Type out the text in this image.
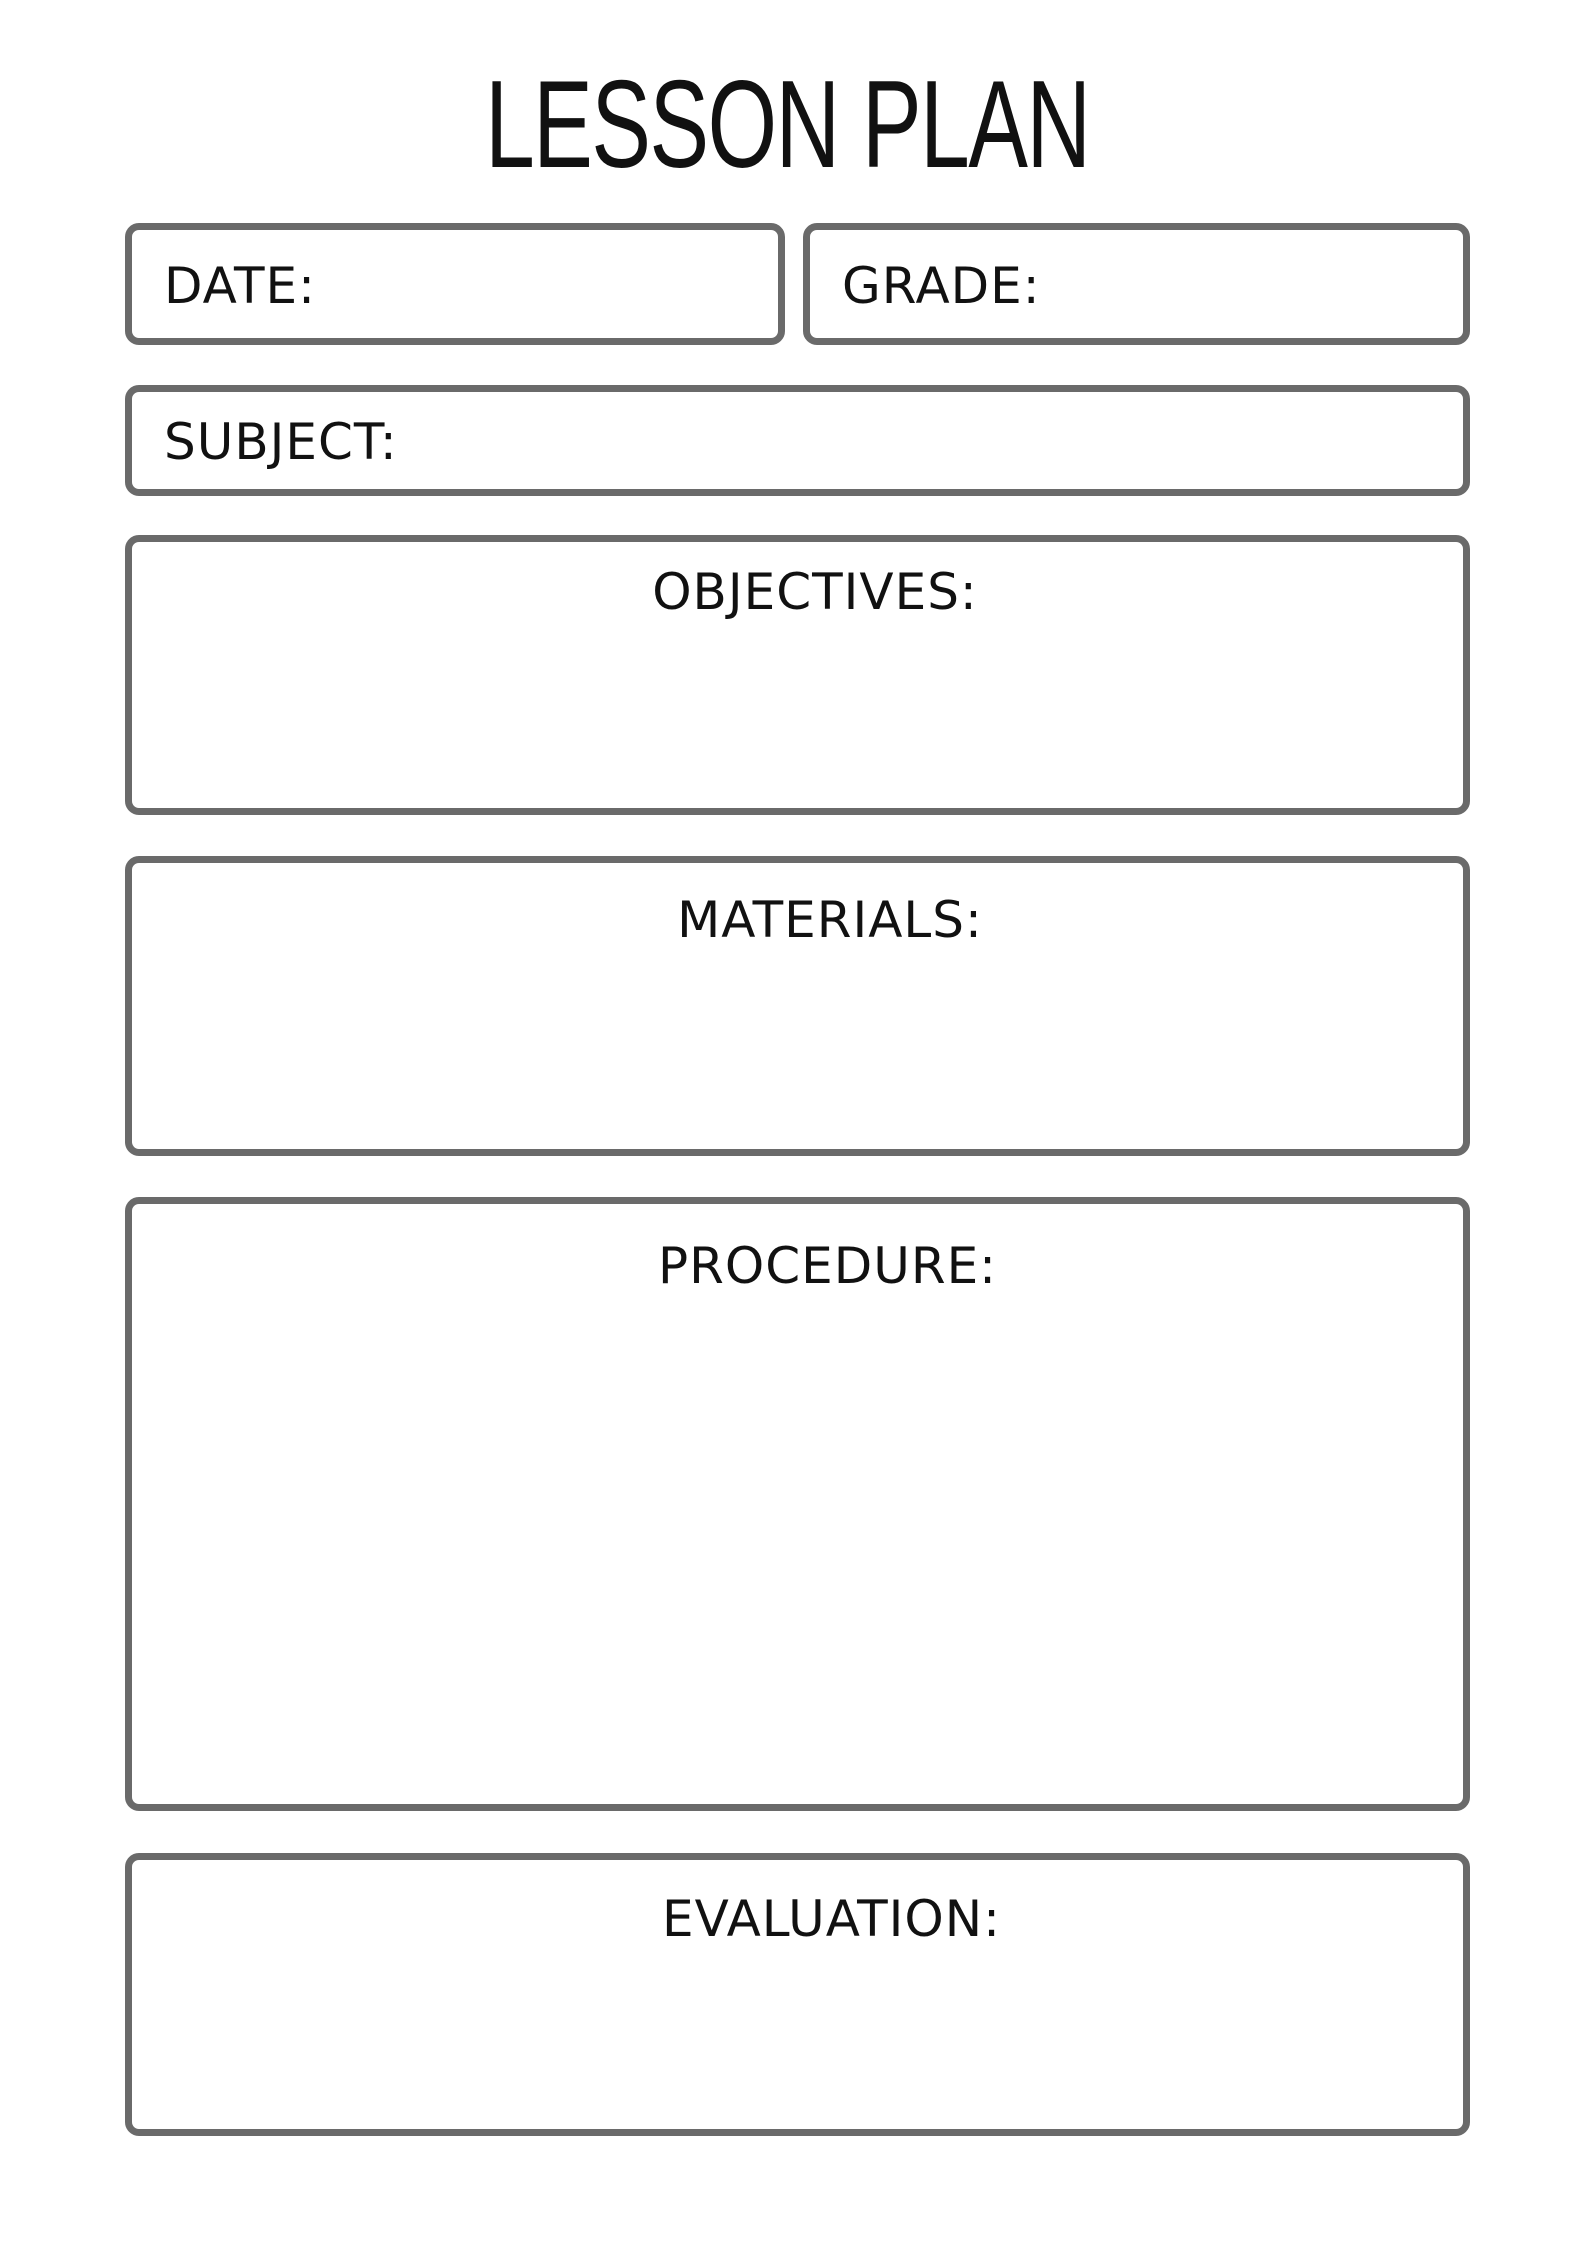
LESSON PLAN
DATE:	GRADE:
SUBJECT:
OBJECTIVES:
MATERIALS:
PROCEDURE:
EVALUATION:
